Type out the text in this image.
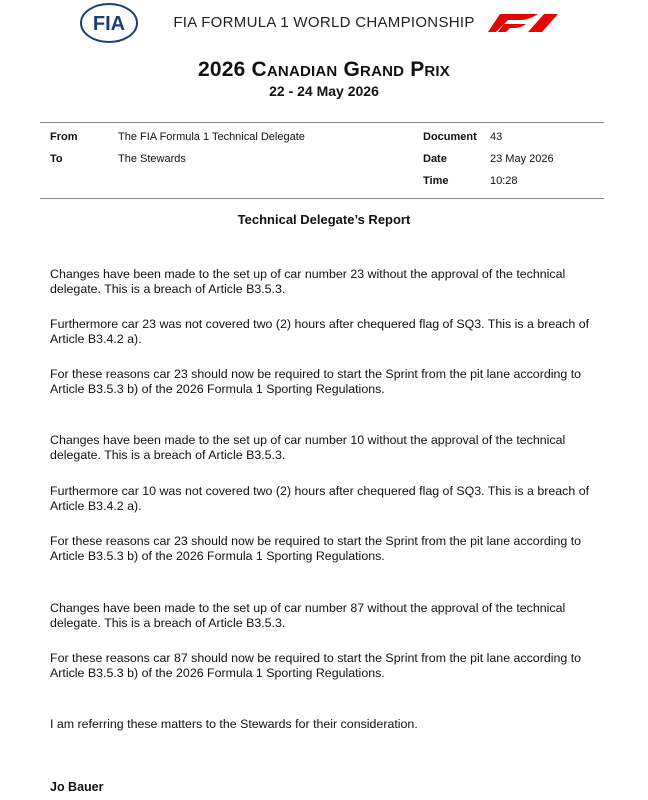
FIA	FIA FORMULA 1 WORLD CHAMPIONSHIP
2026 Canadian Grand Prix
22 - 24 May 2026
From	The FIA Formula 1 Technical Delegate
To	The Stewards
Document 43
Date	23 May 2026
Time	10:28
Technical Delegate’s Report
Changes have been made to the set up of car number 23 without the approval of the technical delegate. This is a breach of Article B3.5.3.
Furthermore car 23 was not covered two (2) hours after chequered flag of SQ3. This is a breach of Article B3.4.2 a).
For these reasons car 23 should now be required to start the Sprint from the pit lane according to Article B3.5.3 b) of the 2026 Formula 1 Sporting Regulations.
Changes have been made to the set up of car number 10 without the approval of the technical delegate. This is a breach of Article B3.5.3.
Furthermore car 10 was not covered two (2) hours after chequered flag of SQ3. This is a breach of Article B3.4.2 a).
For these reasons car 23 should now be required to start the Sprint from the pit lane according to Article B3.5.3 b) of the 2026 Formula 1 Sporting Regulations.
Changes have been made to the set up of car number 87 without the approval of the technical delegate. This is a breach of Article B3.5.3.
For these reasons car 87 should now be required to start the Sprint from the pit lane according to Article B3.5.3 b) of the 2026 Formula 1 Sporting Regulations.
I am referring these matters to the Stewards for their consideration.
Jo Bauer
